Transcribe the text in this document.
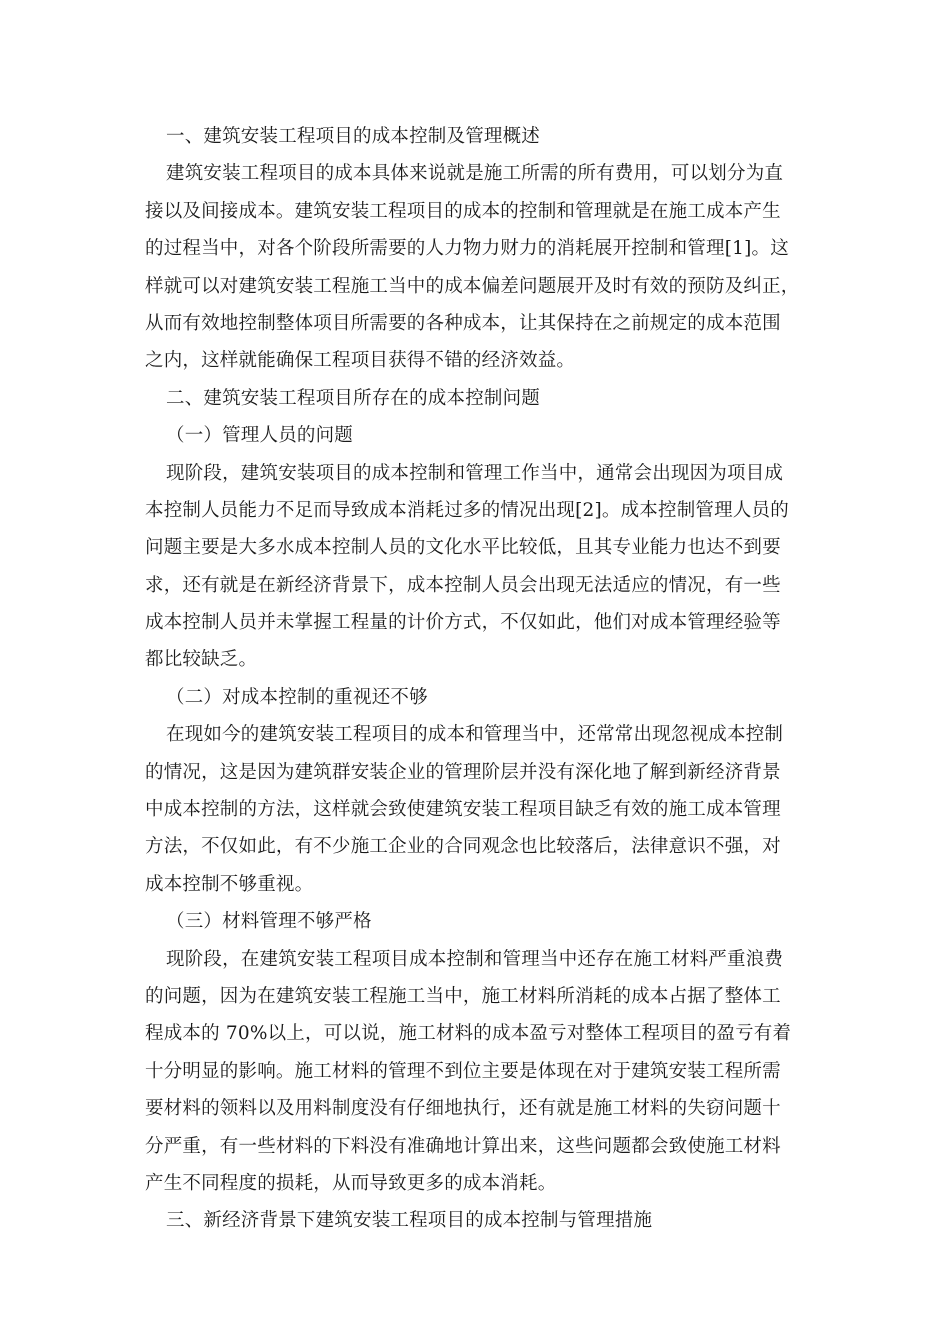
一、建筑安装工程项目的成本控制及管理概述
建筑安装工程项目的成本具体来说就是施工所需的所有费用，可以划分为直
接以及间接成本。建筑安装工程项目的成本的控制和管理就是在施工成本产生
的过程当中，对各个阶段所需要的人力物力财力的消耗展开控制和管理[1]。这
样就可以对建筑安装工程施工当中的成本偏差问题展开及时有效的预防及纠正，
从而有效地控制整体项目所需要的各种成本，让其保持在之前规定的成本范围
之内，这样就能确保工程项目获得不错的经济效益。
二、建筑安装工程项目所存在的成本控制问题
（一）管理人员的问题
现阶段，建筑安装项目的成本控制和管理工作当中，通常会出现因为项目成
本控制人员能力不足而导致成本消耗过多的情况出现[2]。成本控制管理人员的
问题主要是大多水成本控制人员的文化水平比较低，且其专业能力也达不到要
求，还有就是在新经济背景下，成本控制人员会出现无法适应的情况，有一些
成本控制人员并未掌握工程量的计价方式，不仅如此，他们对成本管理经验等
都比较缺乏。
（二）对成本控制的重视还不够
在现如今的建筑安装工程项目的成本和管理当中，还常常出现忽视成本控制
的情况，这是因为建筑群安装企业的管理阶层并没有深化地了解到新经济背景
中成本控制的方法，这样就会致使建筑安装工程项目缺乏有效的施工成本管理
方法，不仅如此，有不少施工企业的合同观念也比较落后，法律意识不强，对
成本控制不够重视。
（三）材料管理不够严格
现阶段，在建筑安装工程项目成本控制和管理当中还存在施工材料严重浪费
的问题，因为在建筑安装工程施工当中，施工材料所消耗的成本占据了整体工
程成本的 70%以上，可以说，施工材料的成本盈亏对整体工程项目的盈亏有着
十分明显的影响。施工材料的管理不到位主要是体现在对于建筑安装工程所需
要材料的领料以及用料制度没有仔细地执行，还有就是施工材料的失窃问题十
分严重，有一些材料的下料没有准确地计算出来，这些问题都会致使施工材料
产生不同程度的损耗，从而导致更多的成本消耗。
三、新经济背景下建筑安装工程项目的成本控制与管理措施
